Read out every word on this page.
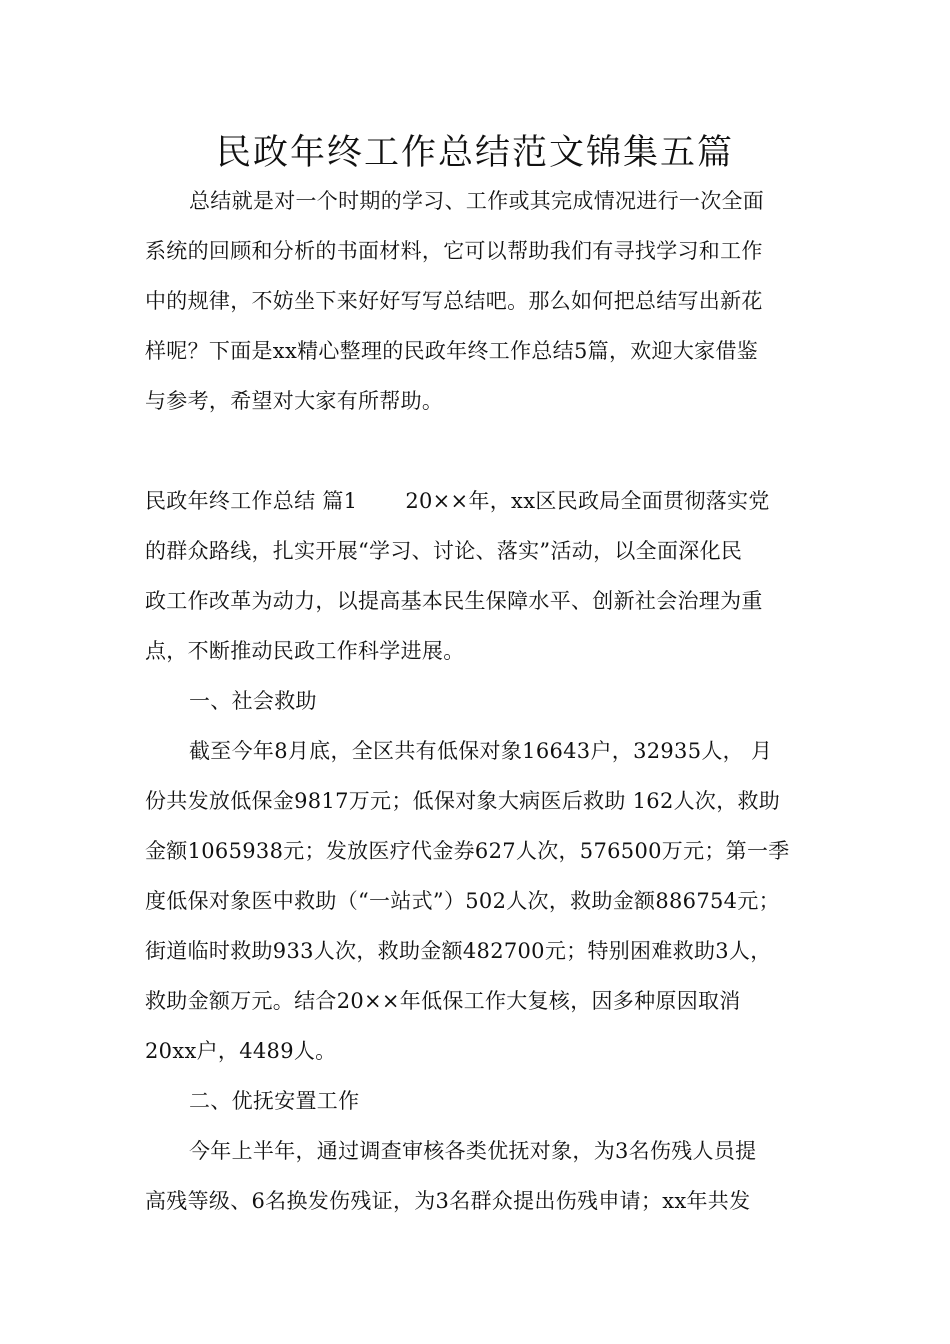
民政年终工作总结范文锦集五篇
总结就是对一个时期的学习、工作或其完成情况进行一次全面
系统的回顾和分析的书面材料，它可以帮助我们有寻找学习和工作
中的规律，不妨坐下来好好写写总结吧。那么如何把总结写出新花
样呢？下面是xx精心整理的民政年终工作总结5篇，欢迎大家借鉴
与参考，希望对大家有所帮助。
民政年终工作总结 篇1 20××年，xx区民政局全面贯彻落实党
的群众路线，扎实开展“学习、讨论、落实”活动，以全面深化民
政工作改革为动力，以提高基本民生保障水平、创新社会治理为重
点，不断推动民政工作科学进展。
一、社会救助
截至今年8月底，全区共有低保对象16643户，32935人， 月
份共发放低保金9817万元；低保对象大病医后救助 162人次，救助
金额1065938元；发放医疗代金券627人次，576500万元；第一季
度低保对象医中救助（“一站式”）502人次，救助金额886754元；
街道临时救助933人次，救助金额482700元；特别困难救助3人，
救助金额万元。结合20××年低保工作大复核，因多种原因取消
20xx户，4489人。
二、优抚安置工作
今年上半年，通过调查审核各类优抚对象，为3名伤残人员提
高残等级、6名换发伤残证，为3名群众提出伤残申请；xx年共发
